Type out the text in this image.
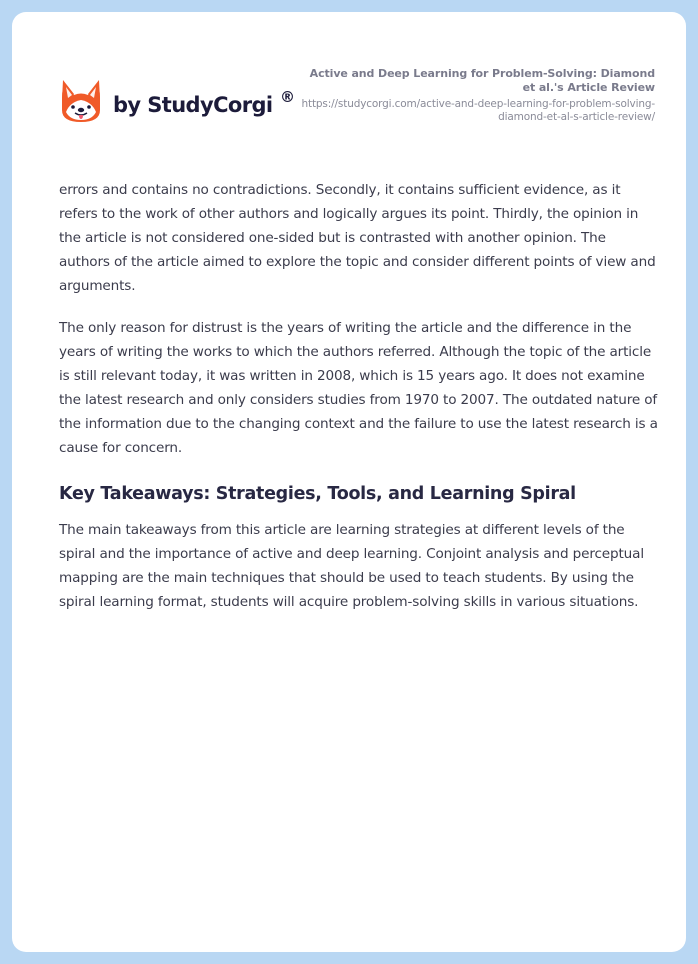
by StudyCorgi ®
Active and Deep Learning for Problem-Solving: Diamond et al.'s Article Review
https://studycorgi.com/active-and-deep-learning-for-problem-solving-diamond-et-al-s-article-review/

errors and contains no contradictions. Secondly, it contains sufficient evidence, as it refers to the work of other authors and logically argues its point. Thirdly, the opinion in the article is not considered one-sided but is contrasted with another opinion. The authors of the article aimed to explore the topic and consider different points of view and arguments.

The only reason for distrust is the years of writing the article and the difference in the years of writing the works to which the authors referred. Although the topic of the article is still relevant today, it was written in 2008, which is 15 years ago. It does not examine the latest research and only considers studies from 1970 to 2007. The outdated nature of the information due to the changing context and the failure to use the latest research is a cause for concern.

Key Takeaways: Strategies, Tools, and Learning Spiral

The main takeaways from this article are learning strategies at different levels of the spiral and the importance of active and deep learning. Conjoint analysis and perceptual mapping are the main techniques that should be used to teach students. By using the spiral learning format, students will acquire problem-solving skills in various situations.
